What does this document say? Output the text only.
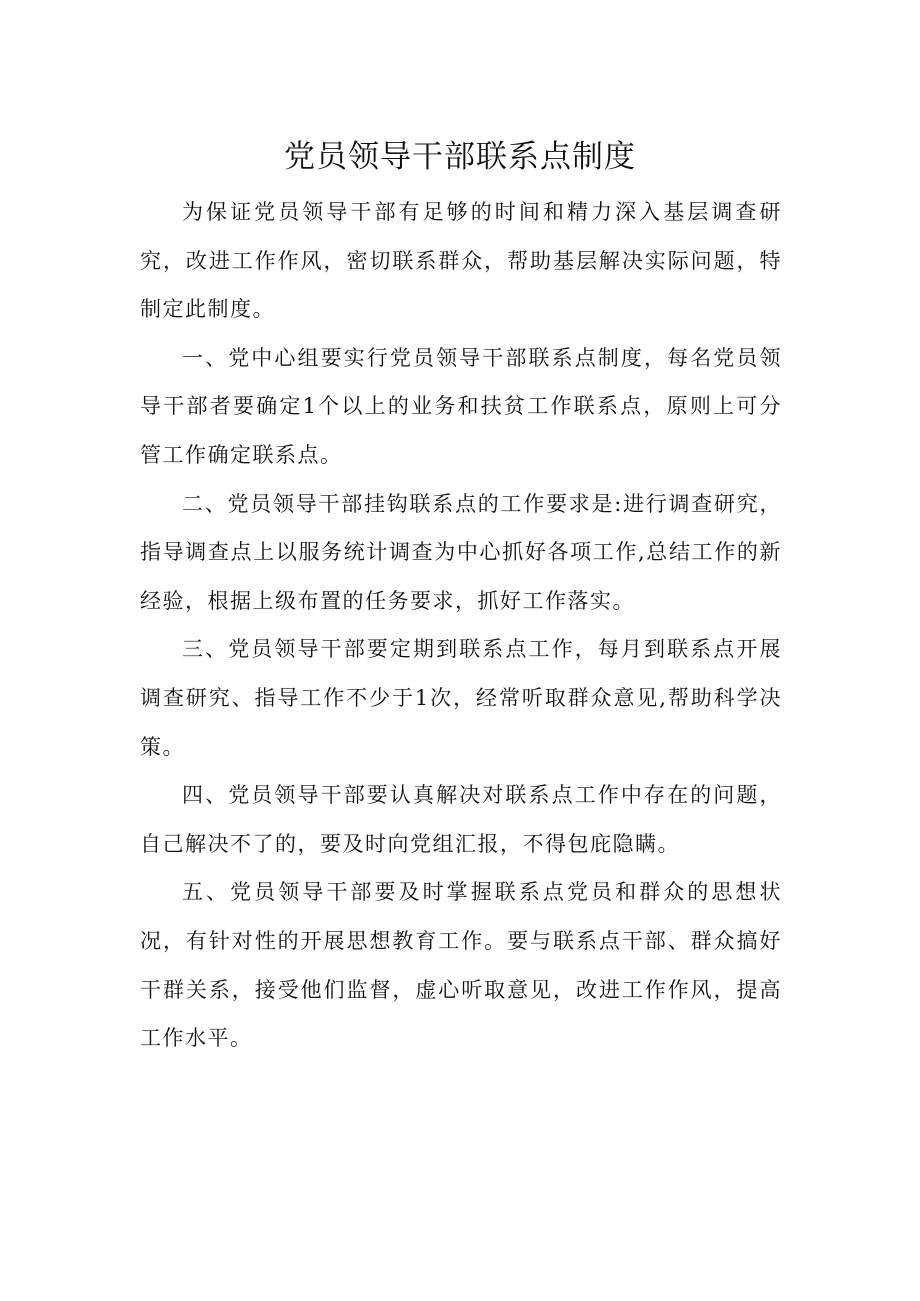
党员领导干部联系点制度

为保证党员领导干部有足够的时间和精力深入基层调查研究，改进工作作风，密切联系群众，帮助基层解决实际问题，特制定此制度。

一、党中心组要实行党员领导干部联系点制度，每名党员领导干部者要确定1个以上的业务和扶贫工作联系点，原则上可分管工作确定联系点。

二、党员领导干部挂钩联系点的工作要求是:进行调查研究，指导调查点上以服务统计调查为中心抓好各项工作,总结工作的新经验，根据上级布置的任务要求，抓好工作落实。

三、党员领导干部要定期到联系点工作，每月到联系点开展调查研究、指导工作不少于1次，经常听取群众意见,帮助科学决策。

四、党员领导干部要认真解决对联系点工作中存在的问题，自己解决不了的，要及时向党组汇报，不得包庇隐瞒。

五、党员领导干部要及时掌握联系点党员和群众的思想状况，有针对性的开展思想教育工作。要与联系点干部、群众搞好干群关系，接受他们监督，虚心听取意见，改进工作作风，提高工作水平。
